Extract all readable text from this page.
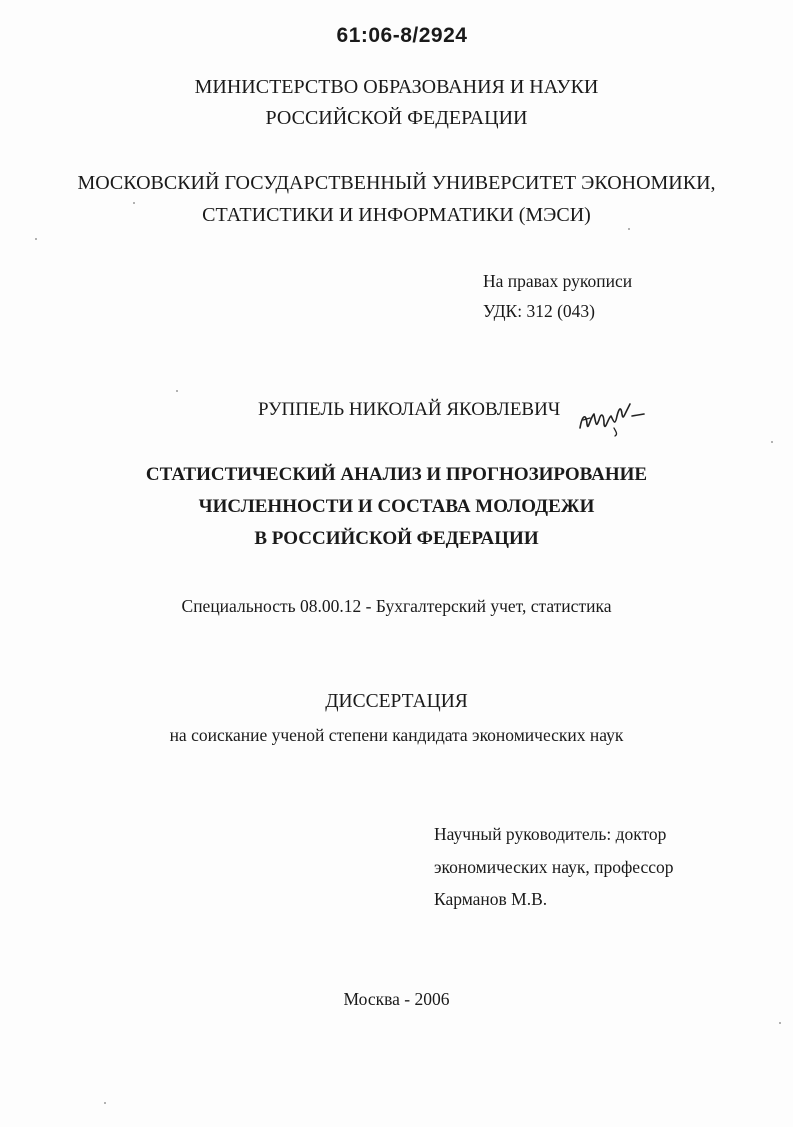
61:06-8/2924
МИНИСТЕРСТВО ОБРАЗОВАНИЯ И НАУКИ
РОССИЙСКОЙ ФЕДЕРАЦИИ
МОСКОВСКИЙ ГОСУДАРСТВЕННЫЙ УНИВЕРСИТЕТ ЭКОНОМИКИ,
СТАТИСТИКИ И ИНФОРМАТИКИ (МЭСИ)
На правах рукописи
УДК: 312 (043)
РУППЕЛЬ НИКОЛАЙ ЯКОВЛЕВИЧ
СТАТИСТИЧЕСКИЙ АНАЛИЗ И ПРОГНОЗИРОВАНИЕ
ЧИСЛЕННОСТИ И СОСТАВА МОЛОДЕЖИ
В РОССИЙСКОЙ ФЕДЕРАЦИИ
Специальность 08.00.12 - Бухгалтерский учет, статистика
ДИССЕРТАЦИЯ
на соискание ученой степени кандидата экономических наук
Научный руководитель: доктор
экономических наук, профессор
Карманов М.В.
Москва - 2006
